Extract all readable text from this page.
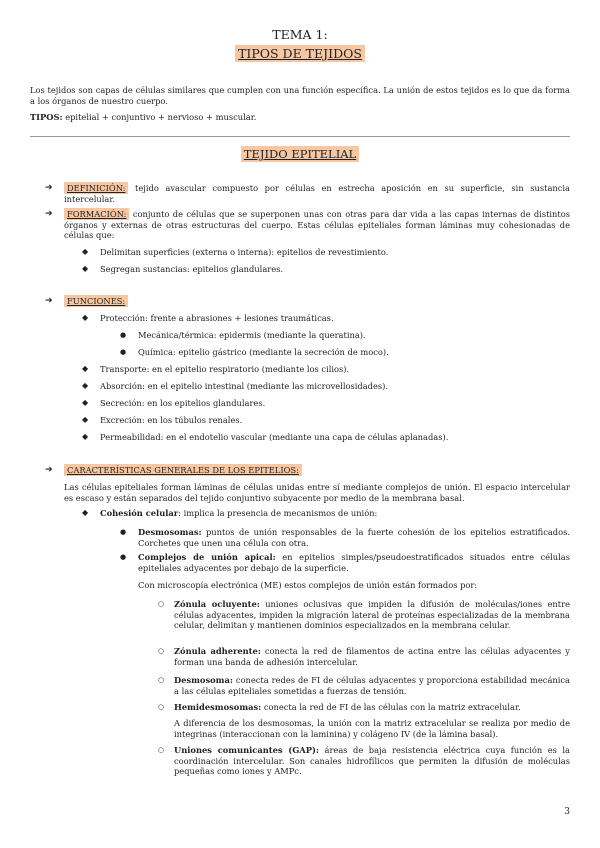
TEMA 1:
TIPOS DE TEJIDOS
Los tejidos son capas de células similares que cumplen con una función específica. La unión de estos tejidos es lo que da forma a los órganos de nuestro cuerpo.
TIPOS: epitelial + conjuntivo + nervioso + muscular.
TEJIDO EPITELIAL
➔	DEFINICIÓN: tejido avascular compuesto por células en estrecha aposición en su superficie, sin sustancia intercelular.
➔	FORMACIÓN: conjunto de células que se superponen unas con otras para dar vida a las capas internas de distintos órganos y externas de otras estructuras del cuerpo. Estas células epiteliales forman láminas muy cohesionadas de células que:
◆ Delimitan superficies (externa o interna): epitelios de revestimiento.
◆ Segregan sustancias: epitelios glandulares.
➔	FUNCIONES:
◆ Protección: frente a abrasiones + lesiones traumáticas.
● Mecánica/térmica: epidermis (mediante la queratina).
● Química: epitelio gástrico (mediante la secreción de moco).
◆ Transporte: en el epitelio respiratorio (mediante los cilios).
◆ Absorción: en el epitelio intestinal (mediante las microvellosidades).
◆ Secreción: en los epitelios glandulares.
◆ Excreción: en los túbulos renales.
◆ Permeabilidad: en el endotelio vascular (mediante una capa de células aplanadas).
➔	CARACTERÍSTICAS GENERALES DE LOS EPITELIOS:
Las células epiteliales forman láminas de células unidas entre sí mediante complejos de unión. El espacio intercelular es escaso y están separados del tejido conjuntivo subyacente por medio de la membrana basal.
◆ Cohesión celular: implica la presencia de mecanismos de unión:
● Desmosomas: puntos de unión responsables de la fuerte cohesión de los epitelios estratificados. Corchetes que unen una célula con otra.
● Complejos de unión apical: en epitelios simples/pseudoestratificados situados entre células epiteliales adyacentes por debajo de la superficie.
Con microscopía electrónica (ME) estos complejos de unión están formados por:
○ Zónula ocluyente: uniones oclusivas que impiden la difusión de moléculas/iones entre células adyacentes, impiden la migración lateral de proteínas especializadas de la membrana celular, delimitan y mantienen dominios especializados en la membrana celular.
○ Zónula adherente: conecta la red de filamentos de actina entre las células adyacentes y forman una banda de adhesión intercelular.
○ Desmosoma: conecta redes de FI de células adyacentes y proporciona estabilidad mecánica a las células epiteliales sometidas a fuerzas de tensión.
○ Hemidesmosomas: conecta la red de FI de las células con la matriz extracelular.
A diferencia de los desmosomas, la unión con la matriz extracelular se realiza por medio de integrinas (interaccionan con la laminina) y colágeno IV (de la lámina basal).
○ Uniones comunicantes (GAP): áreas de baja resistencia eléctrica cuya función es la coordinación intercelular. Son canales hidrofílicos que permiten la difusión de moléculas pequeñas como iones y AMPc.
3
